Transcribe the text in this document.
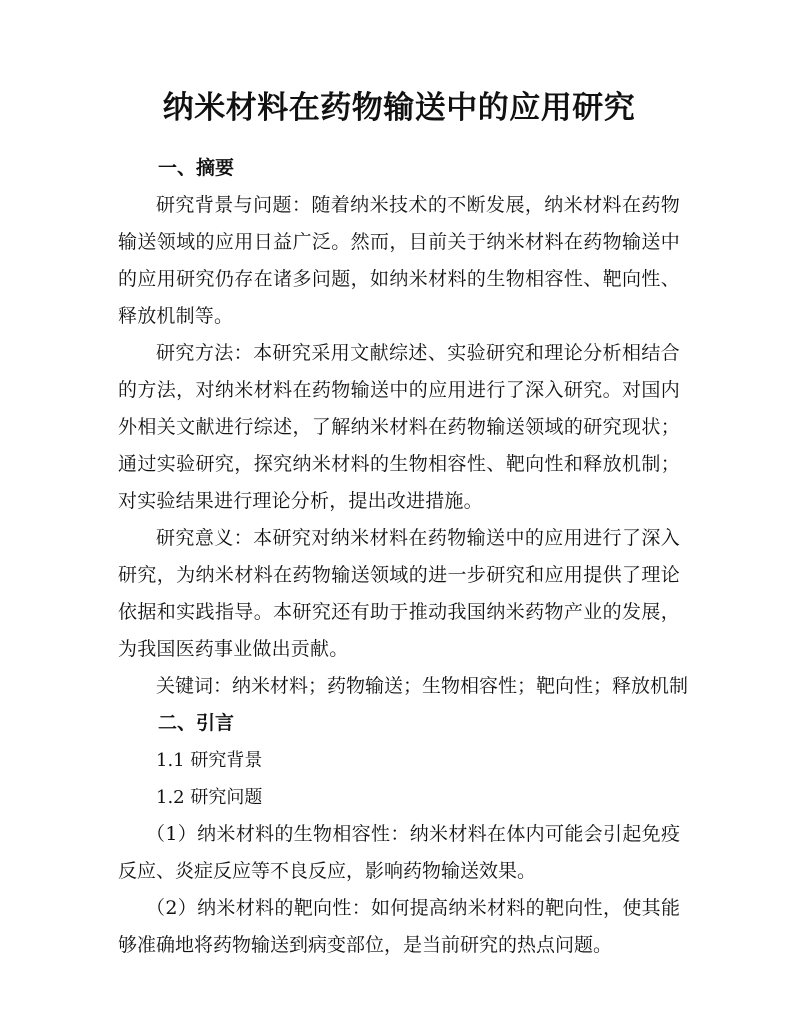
纳米材料在药物输送中的应用研究
一、摘要

研究背景与问题：随着纳米技术的不断发展，纳米材料在药物输送领域的应用日益广泛。然而，目前关于纳米材料在药物输送中的应用研究仍存在诸多问题，如纳米材料的生物相容性、靶向性、释放机制等。

研究方法：本研究采用文献综述、实验研究和理论分析相结合的方法，对纳米材料在药物输送中的应用进行了深入研究。对国内外相关文献进行综述，了解纳米材料在药物输送领域的研究现状；通过实验研究，探究纳米材料的生物相容性、靶向性和释放机制；对实验结果进行理论分析，提出改进措施。

研究意义：本研究对纳米材料在药物输送中的应用进行了深入研究，为纳米材料在药物输送领域的进一步研究和应用提供了理论依据和实践指导。本研究还有助于推动我国纳米药物产业的发展，为我国医药事业做出贡献。

关键词：纳米材料；药物输送；生物相容性；靶向性；释放机制
二、引言
1.1 研究背景
1.2 研究问题

（1）纳米材料的生物相容性：纳米材料在体内可能会引起免疫反应、炎症反应等不良反应，影响药物输送效果。

（2）纳米材料的靶向性：如何提高纳米材料的靶向性，使其能够准确地将药物输送到病变部位，是当前研究的热点问题。
